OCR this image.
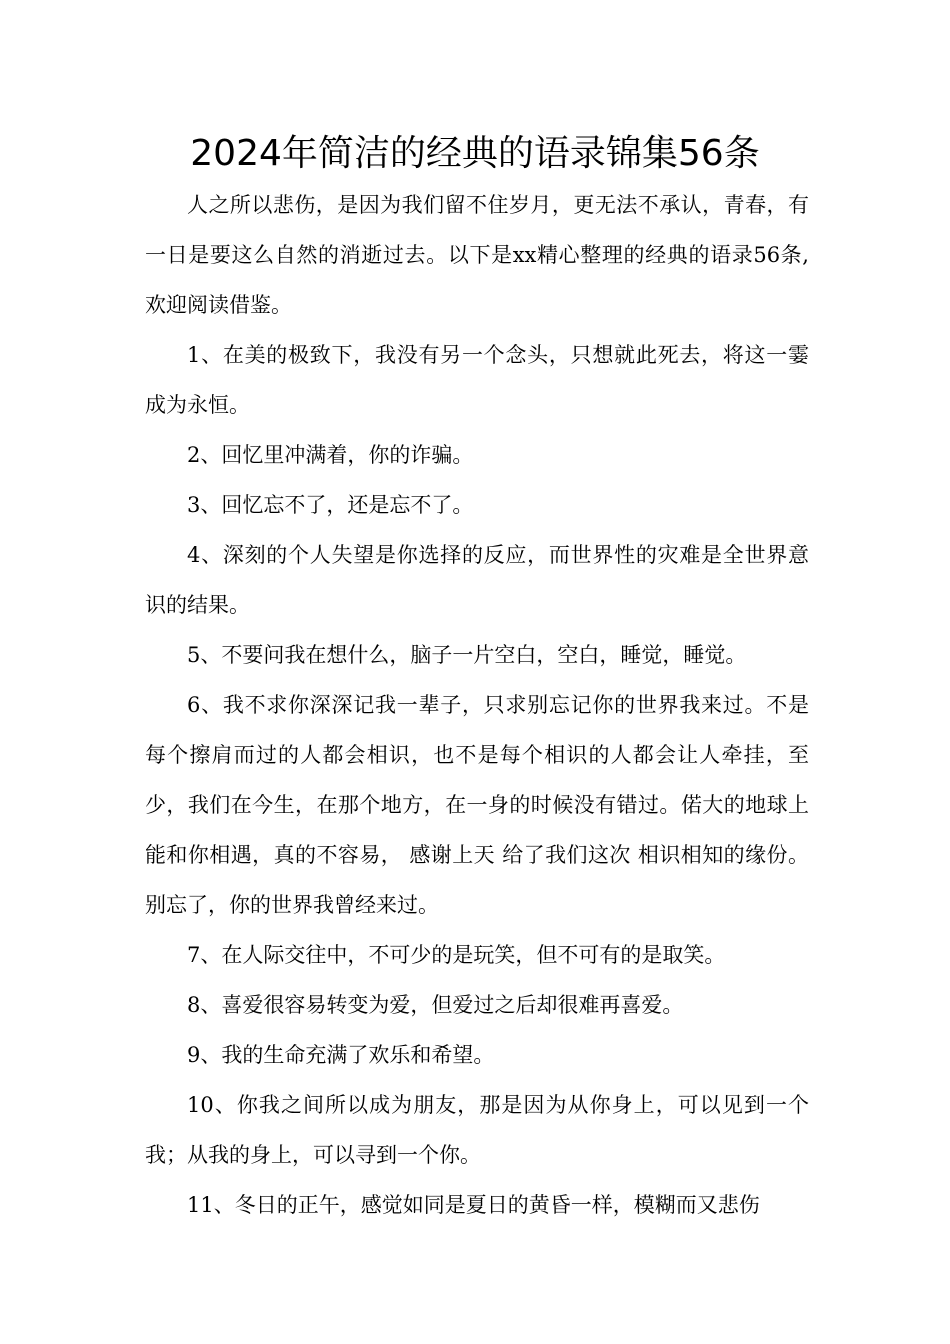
2024年简洁的经典的语录锦集56条

人之所以悲伤，是因为我们留不住岁月，更无法不承认，青春，有一日是要这么自然的消逝过去。以下是xx精心整理的经典的语录56条,欢迎阅读借鉴。

1、在美的极致下，我没有另一个念头，只想就此死去，将这一霎成为永恒。

2、回忆里冲满着，你的诈骗。

3、回忆忘不了，还是忘不了。

4、深刻的个人失望是你选择的反应，而世界性的灾难是全世界意识的结果。

5、不要问我在想什么，脑子一片空白，空白，睡觉，睡觉。

6、我不求你深深记我一辈子，只求别忘记你的世界我来过。不是每个擦肩而过的人都会相识，也不是每个相识的人都会让人牵挂，至少，我们在今生，在那个地方，在一身的时候没有错过。偌大的地球上能和你相遇，真的不容易， 感谢上天 给了我们这次 相识相知的缘份。别忘了，你的世界我曾经来过。

7、在人际交往中，不可少的是玩笑，但不可有的是取笑。

8、喜爱很容易转变为爱，但爱过之后却很难再喜爱。

9、我的生命充满了欢乐和希望。

10、你我之间所以成为朋友，那是因为从你身上，可以见到一个我；从我的身上，可以寻到一个你。

11、冬日的正午，感觉如同是夏日的黄昏一样，模糊而又悲伤
